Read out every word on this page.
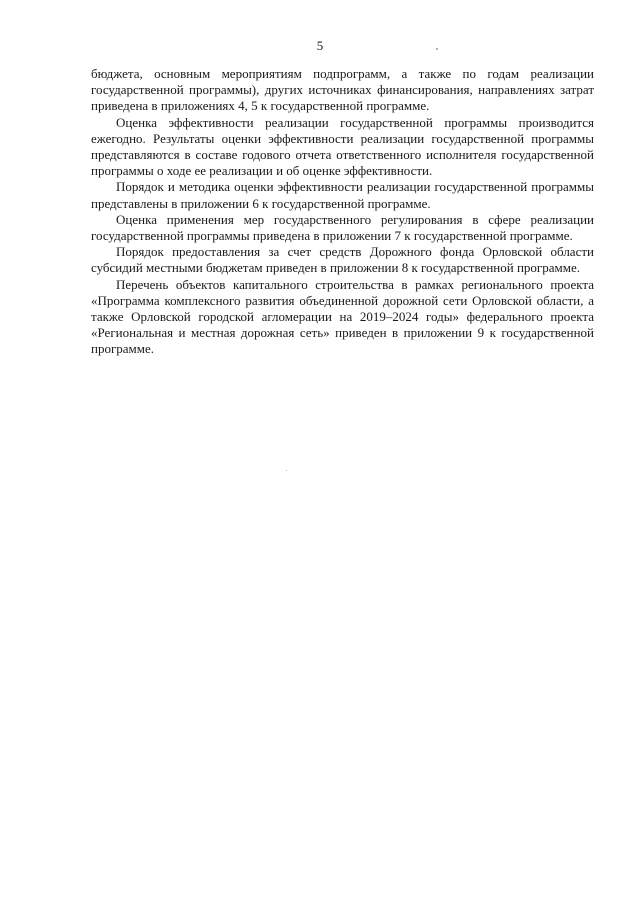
5

бюджета, основным мероприятиям подпрограмм, а также по годам реализации государственной программы), других источниках финансирования, направлениях затрат приведена в приложениях 4, 5 к государственной программе.

Оценка эффективности реализации государственной программы производится ежегодно. Результаты оценки эффективности реализации государственной программы представляются в составе годового отчета ответственного исполнителя государственной программы о ходе ее реализации и об оценке эффективности.

Порядок и методика оценки эффективности реализации государственной программы представлены в приложении 6 к государственной программе.

Оценка применения мер государственного регулирования в сфере реализации государственной программы приведена в приложении 7 к государственной программе.

Порядок предоставления за счет средств Дорожного фонда Орловской области субсидий местными бюджетам приведен в приложении 8 к государственной программе.

Перечень объектов капитального строительства в рамках регионального проекта «Программа комплексного развития объединенной дорожной сети Орловской области, а также Орловской городской агломерации на 2019–2024 годы» федерального проекта «Региональная и местная дорожная сеть» приведен в приложении 9 к государственной программе.
